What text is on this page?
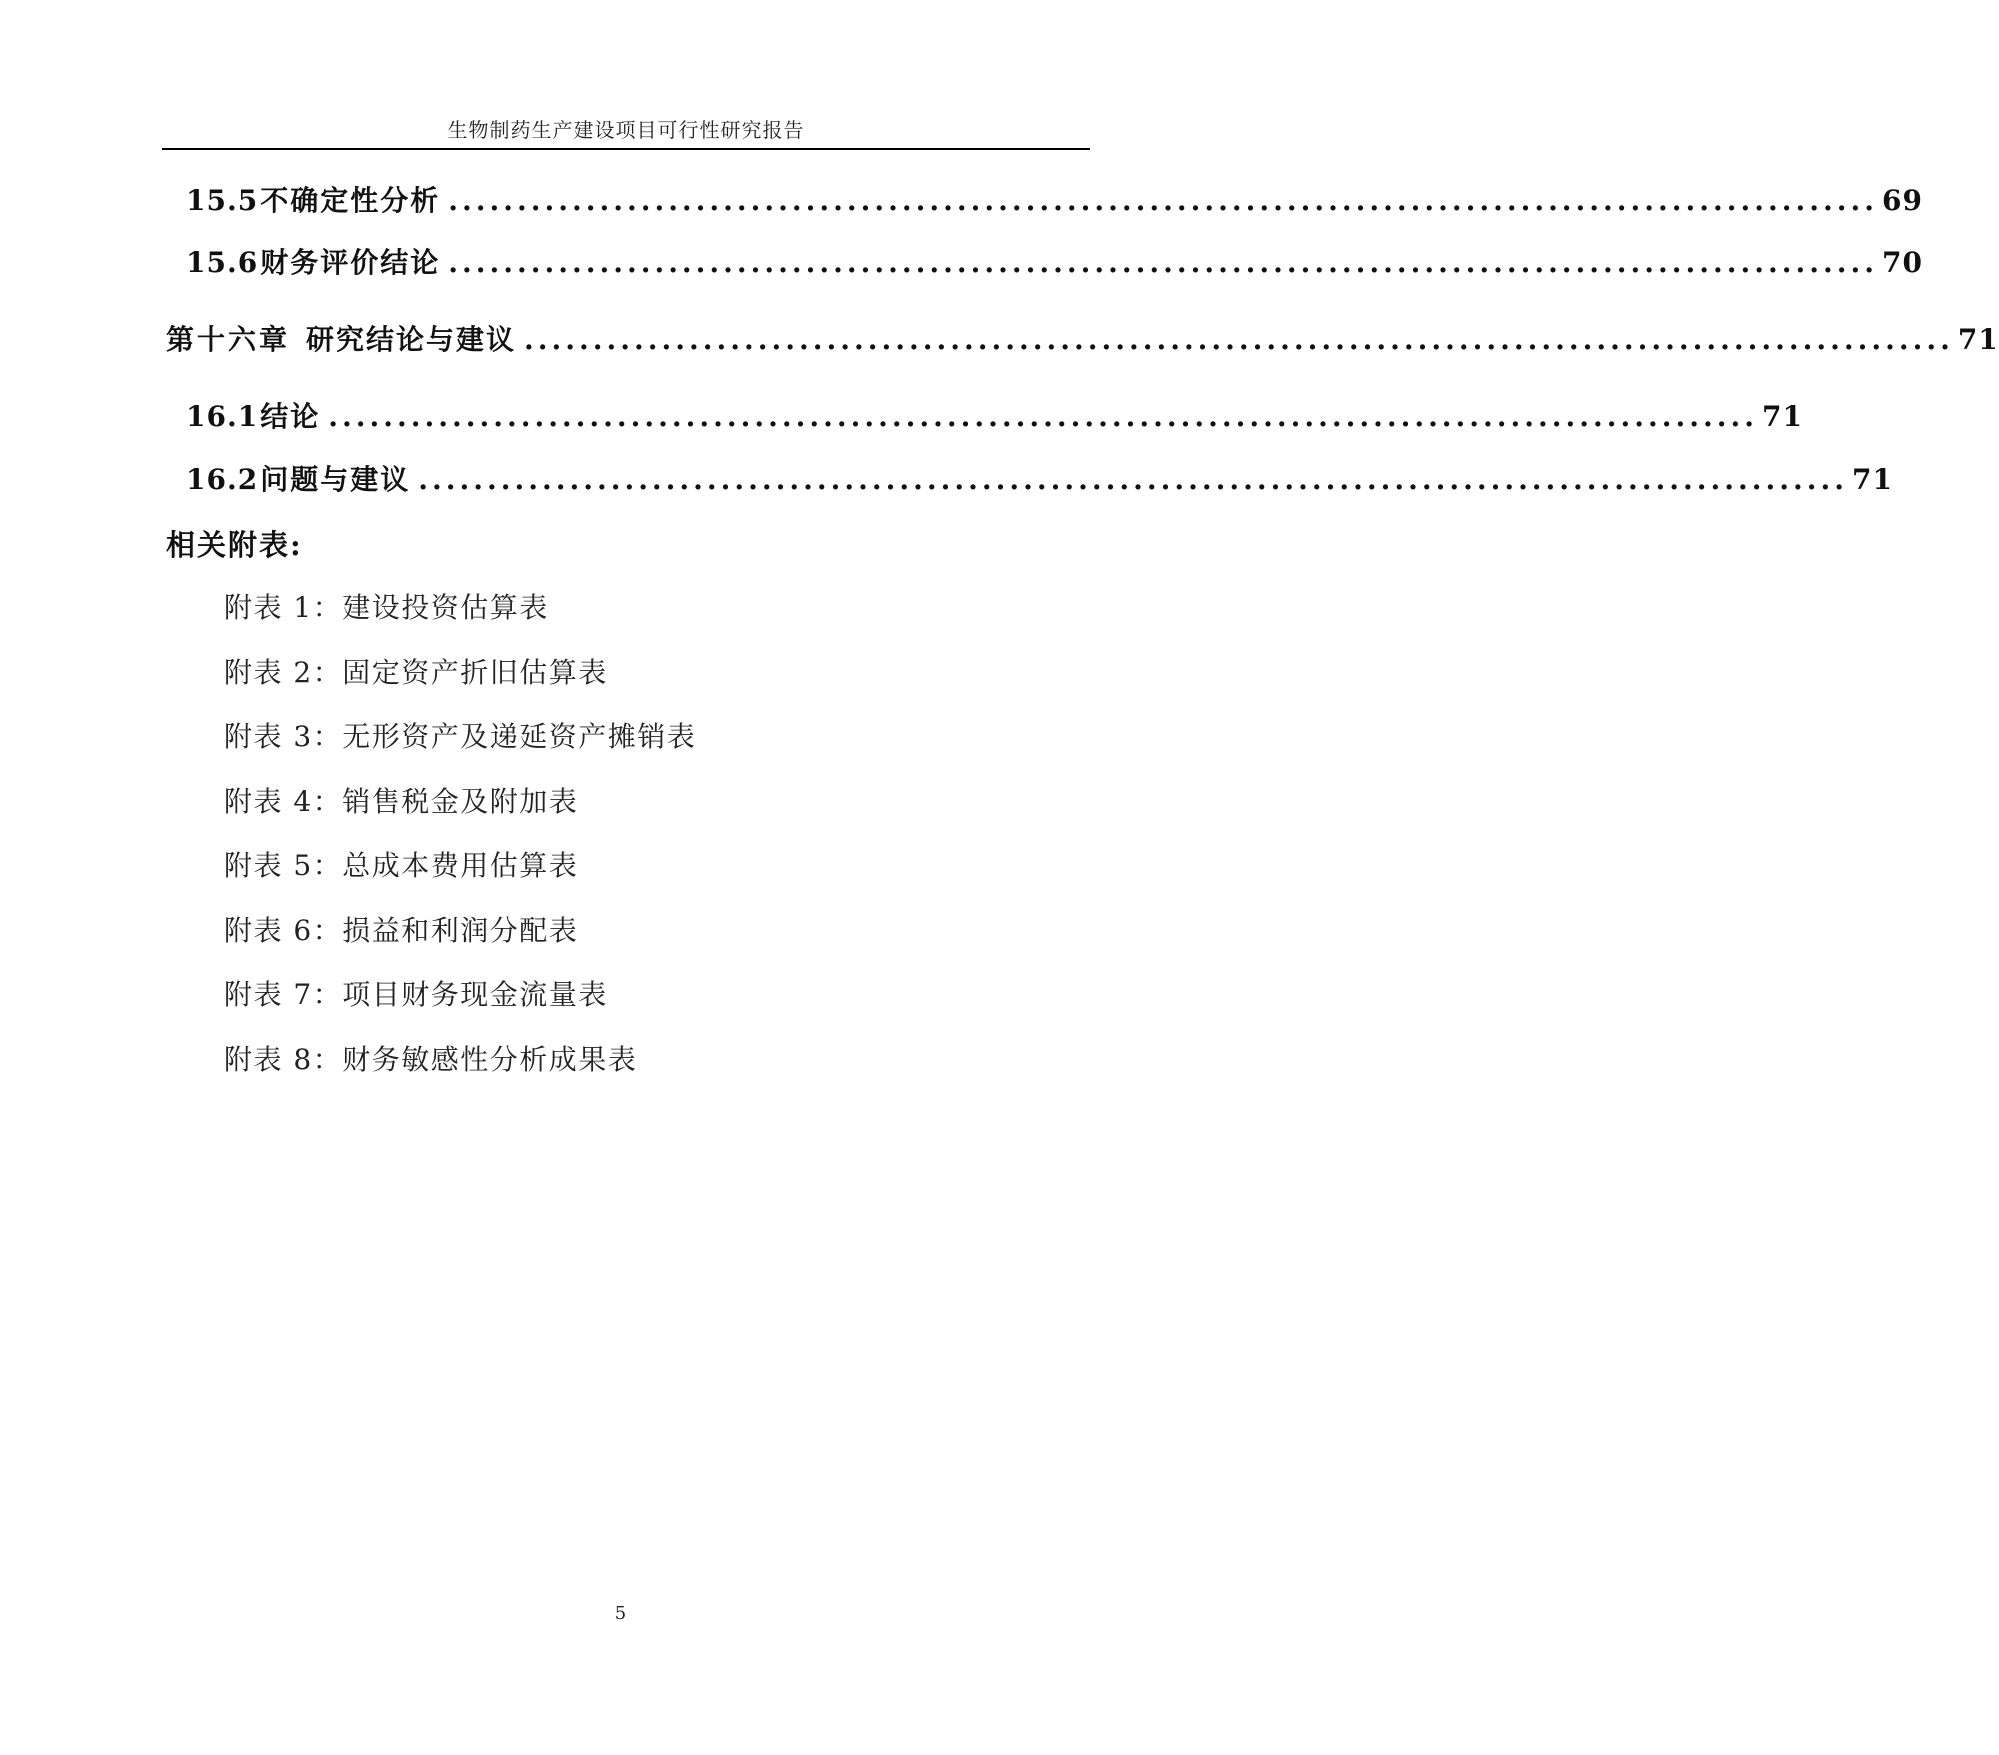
生物制药生产建设项目可行性研究报告
15.5 不确定性分析 ........................................................................................................ 69
15.6 财务评价结论 ........................................................................................................ 70
第十六章 研究结论与建议 ........................................................................................................ 71
16.1 结论 ........................................................................................................ 71
16.2 问题与建议 ........................................................................................................ 71
相关附表:
附表 1：建设投资估算表
附表 2：固定资产折旧估算表
附表 3：无形资产及递延资产摊销表
附表 4：销售税金及附加表
附表 5：总成本费用估算表
附表 6：损益和利润分配表
附表 7：项目财务现金流量表
附表 8：财务敏感性分析成果表
5
